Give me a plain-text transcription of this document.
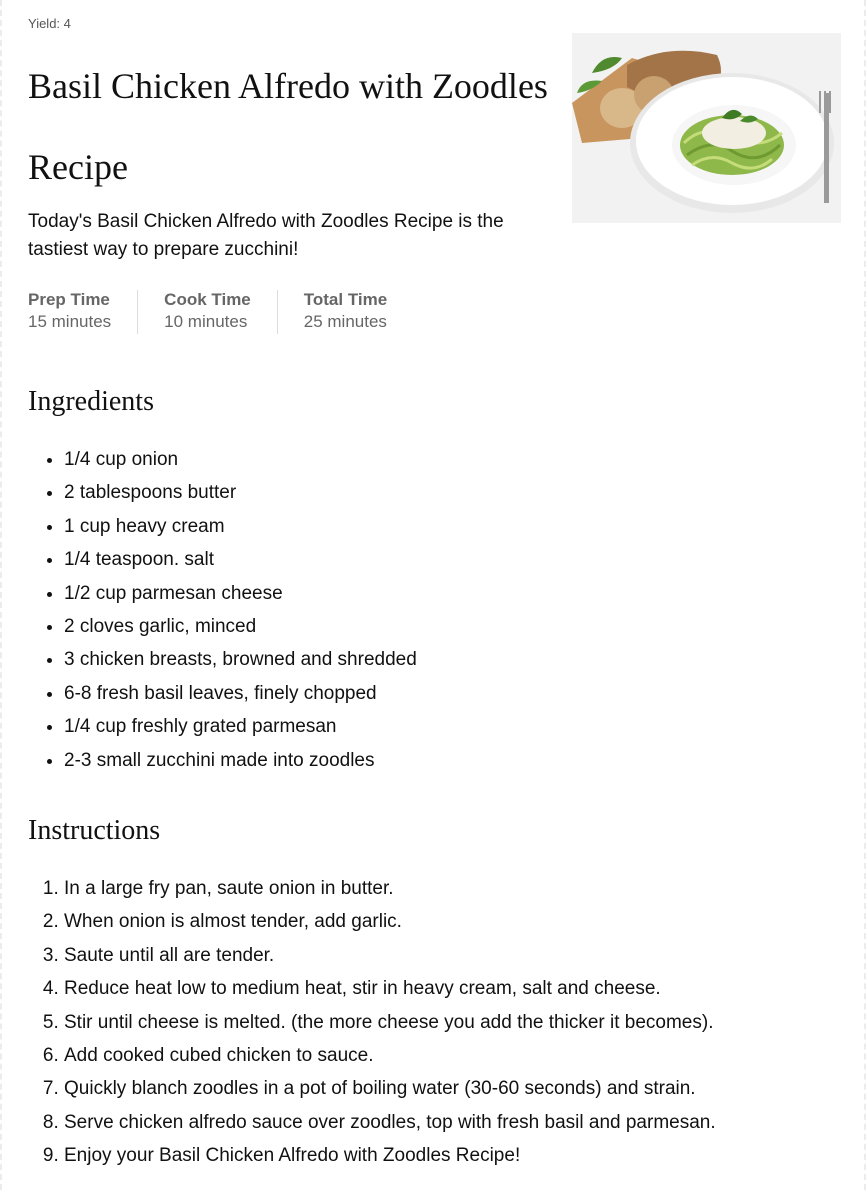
Yield: 4
Basil Chicken Alfredo with Zoodles Recipe

Today's Basil Chicken Alfredo with Zoodles Recipe is the tastiest way to prepare zucchini!

Prep Time
15 minutes
Cook Time
10 minutes
Total Time
25 minutes
Ingredients
• 1/4 cup onion
• 2 tablespoons butter
• 1 cup heavy cream
• 1/4 teaspoon. salt
• 1/2 cup parmesan cheese
• 2 cloves garlic, minced
• 3 chicken breasts, browned and shredded
• 6-8 fresh basil leaves, finely chopped
• 1/4 cup freshly grated parmesan
• 2-3 small zucchini made into zoodles
Instructions
1. In a large fry pan, saute onion in butter.
2. When onion is almost tender, add garlic.
3. Saute until all are tender.
4. Reduce heat low to medium heat, stir in heavy cream, salt and cheese.
5. Stir until cheese is melted. (the more cheese you add the thicker it becomes).
6. Add cooked cubed chicken to sauce.
7. Quickly blanch zoodles in a pot of boiling water (30-60 seconds) and strain.
8. Serve chicken alfredo sauce over zoodles, top with fresh basil and parmesan.
9. Enjoy your Basil Chicken Alfredo with Zoodles Recipe!
